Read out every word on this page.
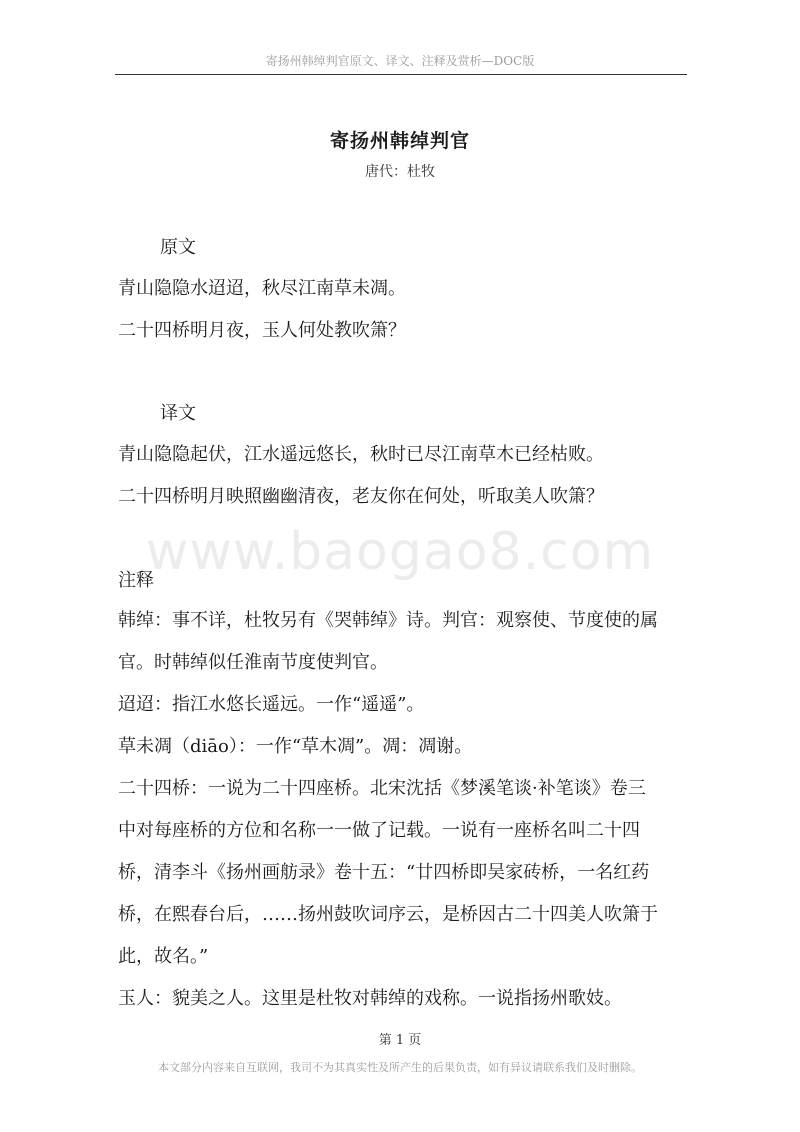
寄扬州韩绰判官原文、译文、注释及赏析—DOC版
寄扬州韩绰判官
唐代：杜牧
原文
青山隐隐水迢迢，秋尽江南草未凋。
二十四桥明月夜，玉人何处教吹箫？
译文
青山隐隐起伏，江水遥远悠长，秋时已尽江南草木已经枯败。
二十四桥明月映照幽幽清夜，老友你在何处，听取美人吹箫？
www.baogao8.com
注释
韩绰：事不详，杜牧另有《哭韩绰》诗。判官：观察使、节度使的属
官。时韩绰似任淮南节度使判官。
迢迢：指江水悠长遥远。一作“遥遥”。
草未凋（diāo）：一作“草木凋”。凋：凋谢。
二十四桥：一说为二十四座桥。北宋沈括《梦溪笔谈·补笔谈》卷三
中对每座桥的方位和名称一一做了记载。一说有一座桥名叫二十四
桥，清李斗《扬州画舫录》卷十五：“廿四桥即吴家砖桥，一名红药
桥，在熙春台后，……扬州鼓吹词序云，是桥因古二十四美人吹箫于
此，故名。”
玉人：貌美之人。这里是杜牧对韩绰的戏称。一说指扬州歌妓。
第 1 页
本文部分内容来自互联网，我司不为其真实性及所产生的后果负责，如有异议请联系我们及时删除。
